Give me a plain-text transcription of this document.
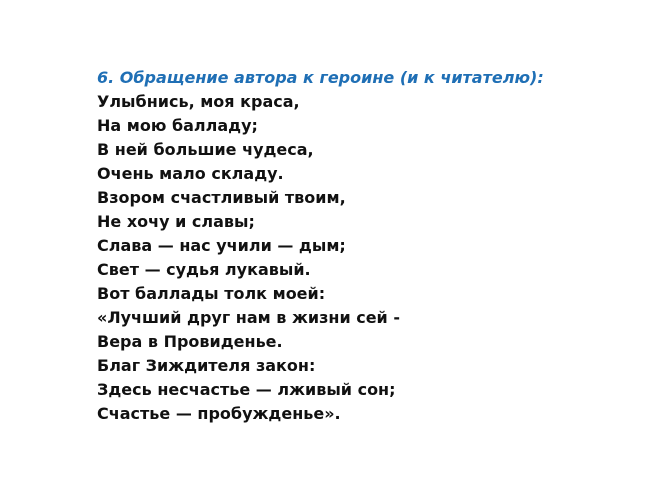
6. Обращение автора к героине (и к читателю):
Улыбнись, моя краса,
На мою балладу;
В ней большие чудеса,
Очень мало складу.
Взором счастливый твоим,
Не хочу и славы;
Слава — нас учили — дым;
Свет — судья лукавый.
Вот баллады толк моей:
«Лучший друг нам в жизни сей -
Вера в Провиденье.
Благ Зиждителя закон:
Здесь несчастье — лживый сон;
Счастье — пробужденье».
